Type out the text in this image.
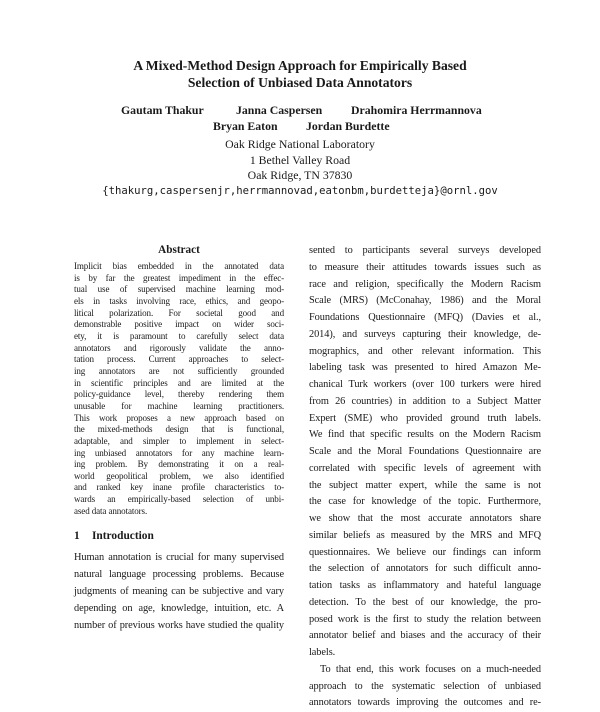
A Mixed-Method Design Approach for Empirically Based
Selection of Unbiased Data Annotators
Gautam Thakur	Janna Caspersen Drahomira Herrmannova
Bryan Eaton Jordan Burdette
Oak Ridge National Laboratory
1 Bethel Valley Road
Oak Ridge, TN 37830
{thakurg,caspersenjr,herrmannovad,eatonbm,burdetteja}@ornl.gov
Abstract
Implicit bias embedded in the annotated data
is by far the greatest impediment in the effec-
tual use of supervised machine learning mod-
els in tasks involving race, ethics, and geopo-
litical polarization. For societal good and
demonstrable positive impact on wider soci-
ety, it is paramount to carefully select data
annotators and rigorously validate the anno-
tation process. Current approaches to select-
ing annotators are not sufficiently grounded
in scientific principles and are limited at the
policy-guidance level, thereby rendering them
unusable for machine learning practitioners.
This work proposes a new approach based on
the mixed-methods design that is functional,
adaptable, and simpler to implement in select-
ing unbiased annotators for any machine learn-
ing problem. By demonstrating it on a real-
world geopolitical problem, we also identified
and ranked key inane profile characteristics to-
wards an empirically-based selection of unbi-
ased data annotators.
1 Introduction
Human annotation is crucial for many supervised
natural language processing problems. Because
judgments of meaning can be subjective and vary
depending on age, knowledge, intuition, etc. A
number of previous works have studied the quality
sented to participants several surveys developed
to measure their attitudes towards issues such as
race and religion, specifically the Modern Racism
Scale (MRS) (McConahay, 1986) and the Moral
Foundations Questionnaire (MFQ) (Davies et al.,
2014), and surveys capturing their knowledge, de-
mographics, and other relevant information. This
labeling task was presented to hired Amazon Me-
chanical Turk workers (over 100 turkers were hired
from 26 countries) in addition to a Subject Matter
Expert (SME) who provided ground truth labels.
We find that specific results on the Modern Racism
Scale and the Moral Foundations Questionnaire are
correlated with specific levels of agreement with
the subject matter expert, while the same is not
the case for knowledge of the topic. Furthermore,
we show that the most accurate annotators share
similar beliefs as measured by the MRS and MFQ
questionnaires. We believe our findings can inform
the selection of annotators for such difficult anno-
tation tasks as inflammatory and hateful language
detection. To the best of our knowledge, the pro-
posed work is the first to study the relation between
annotator belief and biases and the accuracy of their
labels.
To that end, this work focuses on a much-needed
approach to the systematic selection of unbiased
annotators towards improving the outcomes and re-
